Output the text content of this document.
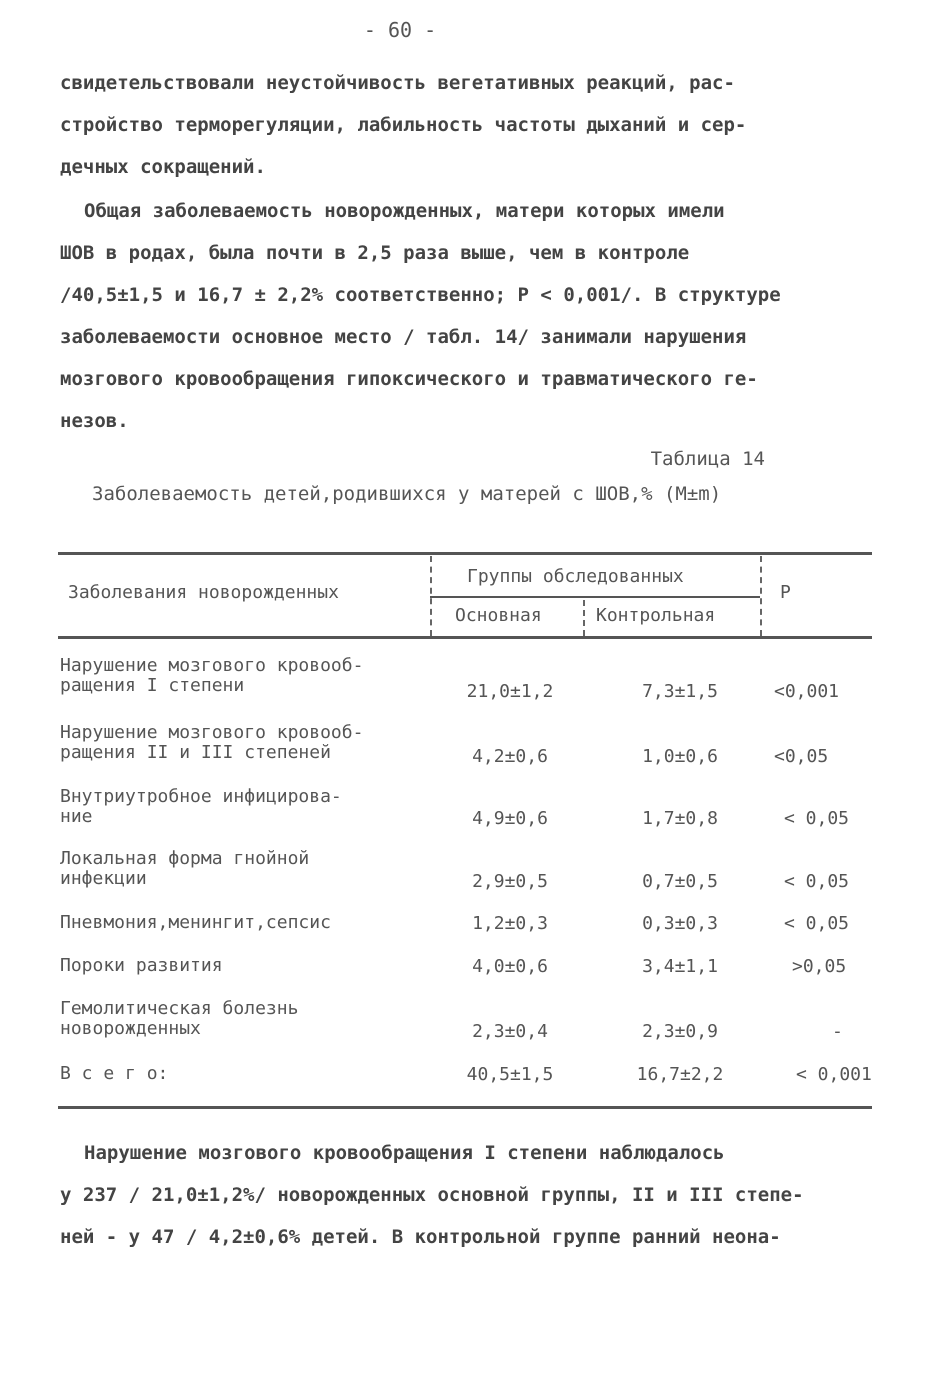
- 60 -
свидетельствовали неустойчивость вегетативных реакций, рас-
стройство терморегуляции, лабильность частоты дыханий и сер-
дечных сокращений.
Общая заболеваемость новорожденных, матери которых имели
ШОВ в родах, была почти в 2,5 раза выше, чем в контроле
/40,5±1,5 и 16,7 ± 2,2% соответственно; P < 0,001/. В структуре
заболеваемости основное место / табл. 14/ занимали нарушения
мозгового кровообращения гипоксического и травматического ге-
незов.
Таблица 14
Заболеваемость детей,родившихся у матерей с ШОВ,% (M±m)
Заболевания новорожденных
Группы обследованных
Основная	Контрольная
P
Нарушение мозгового кровооб-
ращения I степени	21,0±1,2	7,3±1,5	<0,001
Нарушение мозгового кровооб-
ращения II и III степеней	4,2±0,6	1,0±0,6	<0,05
Внутриутробное инфицирова-
ние	4,9±0,6	1,7±0,8	< 0,05
Локальная форма гнойной
инфекции	2,9±0,5	0,7±0,5	< 0,05
Пневмония,менингит,сепсис	1,2±0,3	0,3±0,3	< 0,05
Пороки развития	4,0±0,6	3,4±1,1	>0,05
Гемолитическая болезнь
новорожденных	2,3±0,4	2,3±0,9	-
В с е г о:	40,5±1,5	16,7±2,2	< 0,001
Нарушение мозгового кровообращения I степени наблюдалось
у 237 / 21,0±1,2%/ новорожденных основной группы, II и III степе-
ней - у 47 / 4,2±0,6% детей. В контрольной группе ранний неона-
